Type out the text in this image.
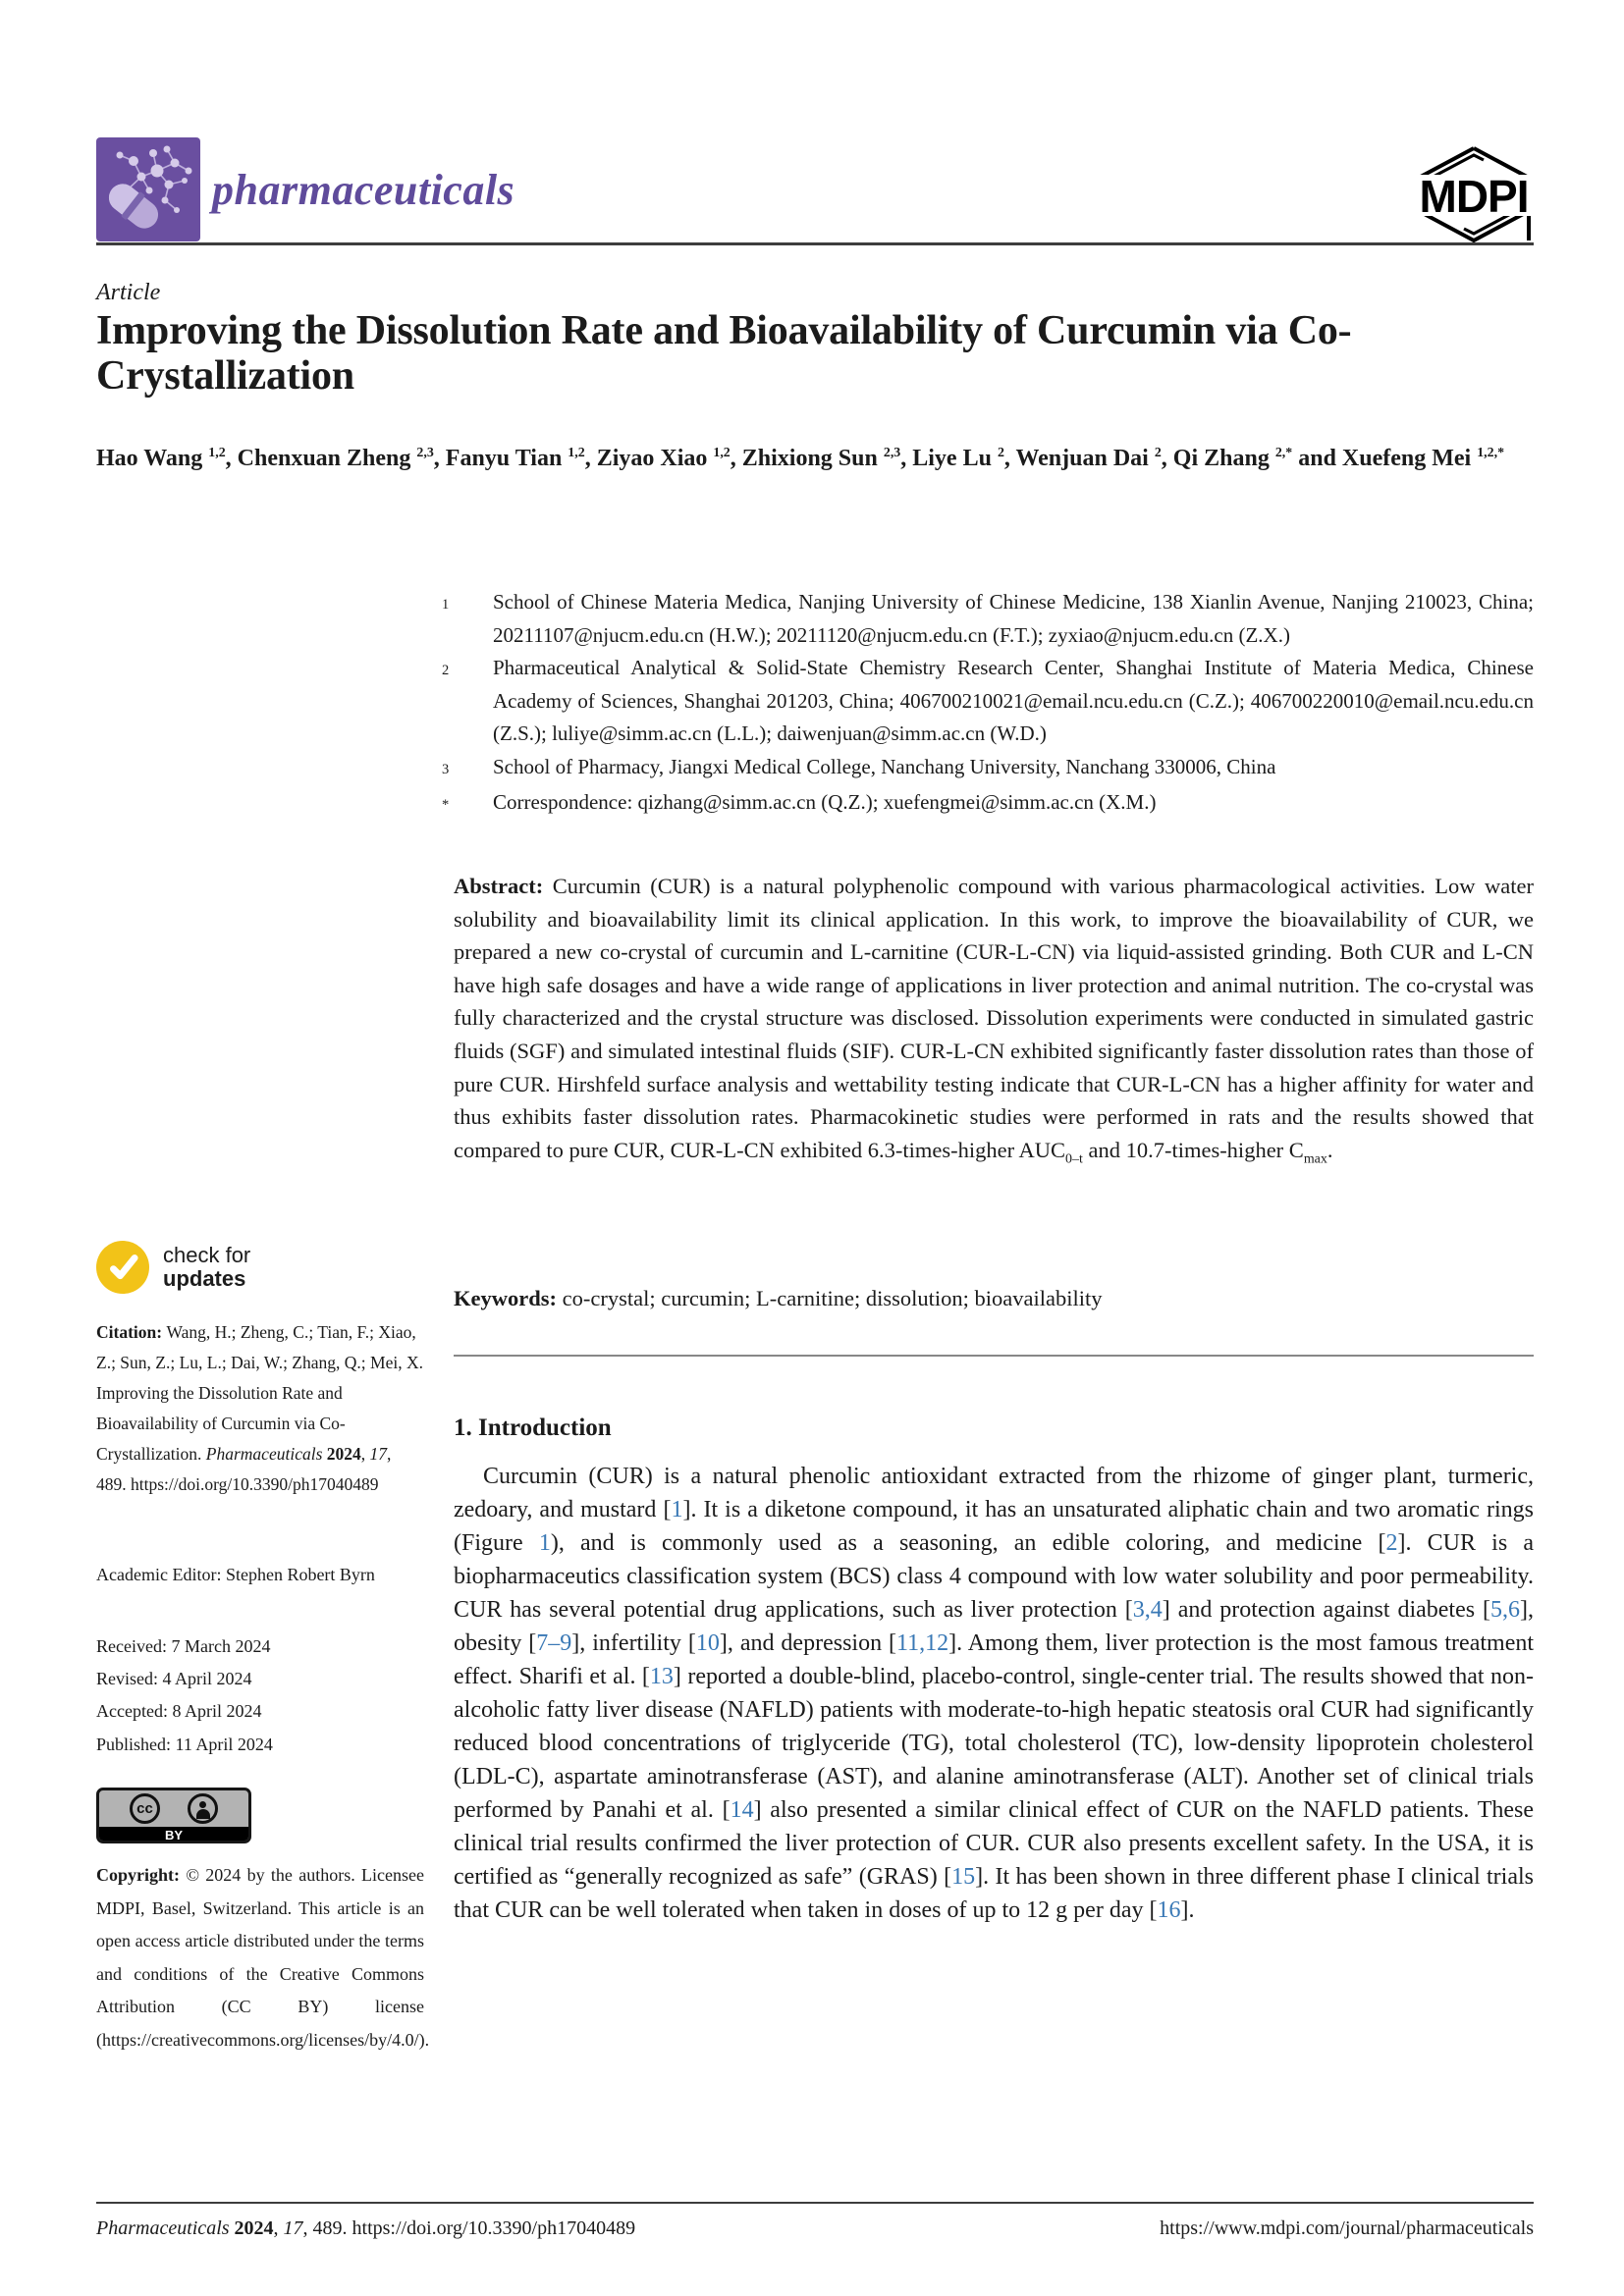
pharmaceuticals	MDPI
Article
Improving the Dissolution Rate and Bioavailability of Curcumin via Co-Crystallization
Hao Wang $^{1,2}$, Chenxuan Zheng $^{2,3}$, Fanyu Tian $^{1,2}$, Ziyao Xiao $^{1,2}$, Zhixiong Sun $^{2,3}$, Liye Lu $^2$, Wenjuan Dai $^2$, Qi Zhang $^{2,*}$ and Xuefeng Mei $^{1,2,*}$
1	School of Chinese Materia Medica, Nanjing University of Chinese Medicine, 138 Xianlin Avenue, Nanjing 210023, China; 20211107@njucm.edu.cn (H.W.); 20211120@njucm.edu.cn (F.T.); zyxiao@njucm.edu.cn (Z.X.)
2	Pharmaceutical Analytical & Solid-State Chemistry Research Center, Shanghai Institute of Materia Medica, Chinese Academy of Sciences, Shanghai 201203, China; 406700210021@email.ncu.edu.cn (C.Z.); 406700220010@email.ncu.edu.cn (Z.S.); luliye@simm.ac.cn (L.L.); daiwenjuan@simm.ac.cn (W.D.)
3	School of Pharmacy, Jiangxi Medical College, Nanchang University, Nanchang 330006, China
*	Correspondence: qizhang@simm.ac.cn (Q.Z.); xuefengmei@simm.ac.cn (X.M.)
Abstract: Curcumin (CUR) is a natural polyphenolic compound with various pharmacological activities. Low water solubility and bioavailability limit its clinical application. In this work, to improve the bioavailability of CUR, we prepared a new co-crystal of curcumin and L-carnitine (CUR-L-CN) via liquid-assisted grinding. Both CUR and L-CN have high safe dosages and have a wide range of applications in liver protection and animal nutrition. The co-crystal was fully characterized and the crystal structure was disclosed. Dissolution experiments were conducted in simulated gastric fluids (SGF) and simulated intestinal fluids (SIF). CUR-L-CN exhibited significantly faster dissolution rates than those of pure CUR. Hirshfeld surface analysis and wettability testing indicate that CUR-L-CN has a higher affinity for water and thus exhibits faster dissolution rates. Pharmacokinetic studies were performed in rats and the results showed that compared to pure CUR, CUR-L-CN exhibited 6.3-times-higher $AUC_{0-t}$ and 10.7-times-higher $C_{max}$.
Keywords: co-crystal; curcumin; L-carnitine; dissolution; bioavailability
check for
updates
Citation: Wang, H.; Zheng, C.; Tian, F.; Xiao, Z.; Sun, Z.; Lu, L.; Dai, W.; Zhang, Q.; Mei, X. Improving the Dissolution Rate and Bioavailability of Curcumin via Co-Crystallization. Pharmaceuticals 2024, 17, 489. https://doi.org/10.3390/ph17040489
Academic Editor: Stephen Robert Byrn
Received: 7 March 2024
Revised: 4 April 2024
Accepted: 8 April 2024
Published: 11 April 2024
cc
BY
Copyright: © 2024 by the authors. Licensee MDPI, Basel, Switzerland. This article is an open access article distributed under the terms and conditions of the Creative Commons Attribution (CC BY) license (https://creativecommons.org/licenses/by/4.0/).
1. Introduction

Curcumin (CUR) is a natural phenolic antioxidant extracted from the rhizome of ginger plant, turmeric, zedoary, and mustard [1]. It is a diketone compound, it has an unsaturated aliphatic chain and two aromatic rings (Figure 1), and is commonly used as a seasoning, an edible coloring, and medicine [2]. CUR is a biopharmaceutics classification system (BCS) class 4 compound with low water solubility and poor permeability. CUR has several potential drug applications, such as liver protection [3,4] and protection against diabetes [5,6], obesity [7–9], infertility [10], and depression [11,12]. Among them, liver protection is the most famous treatment effect. Sharifi et al. [13] reported a double-blind, placebo-control, single-center trial. The results showed that non-alcoholic fatty liver disease (NAFLD) patients with moderate-to-high hepatic steatosis oral CUR had significantly reduced blood concentrations of triglyceride (TG), total cholesterol (TC), low-density lipoprotein cholesterol (LDL-C), aspartate aminotransferase (AST), and alanine aminotransferase (ALT). Another set of clinical trials performed by Panahi et al. [14] also presented a similar clinical effect of CUR on the NAFLD patients. These clinical trial results confirmed the liver protection of CUR. CUR also presents excellent safety. In the USA, it is certified as “generally recognized as safe” (GRAS) [15]. It has been shown in three different phase I clinical trials that CUR can be well tolerated when taken in doses of up to 12 g per day [16].

Pharmaceuticals 2024, 17, 489. https://doi.org/10.3390/ph17040489	https://www.mdpi.com/journal/pharmaceuticals
